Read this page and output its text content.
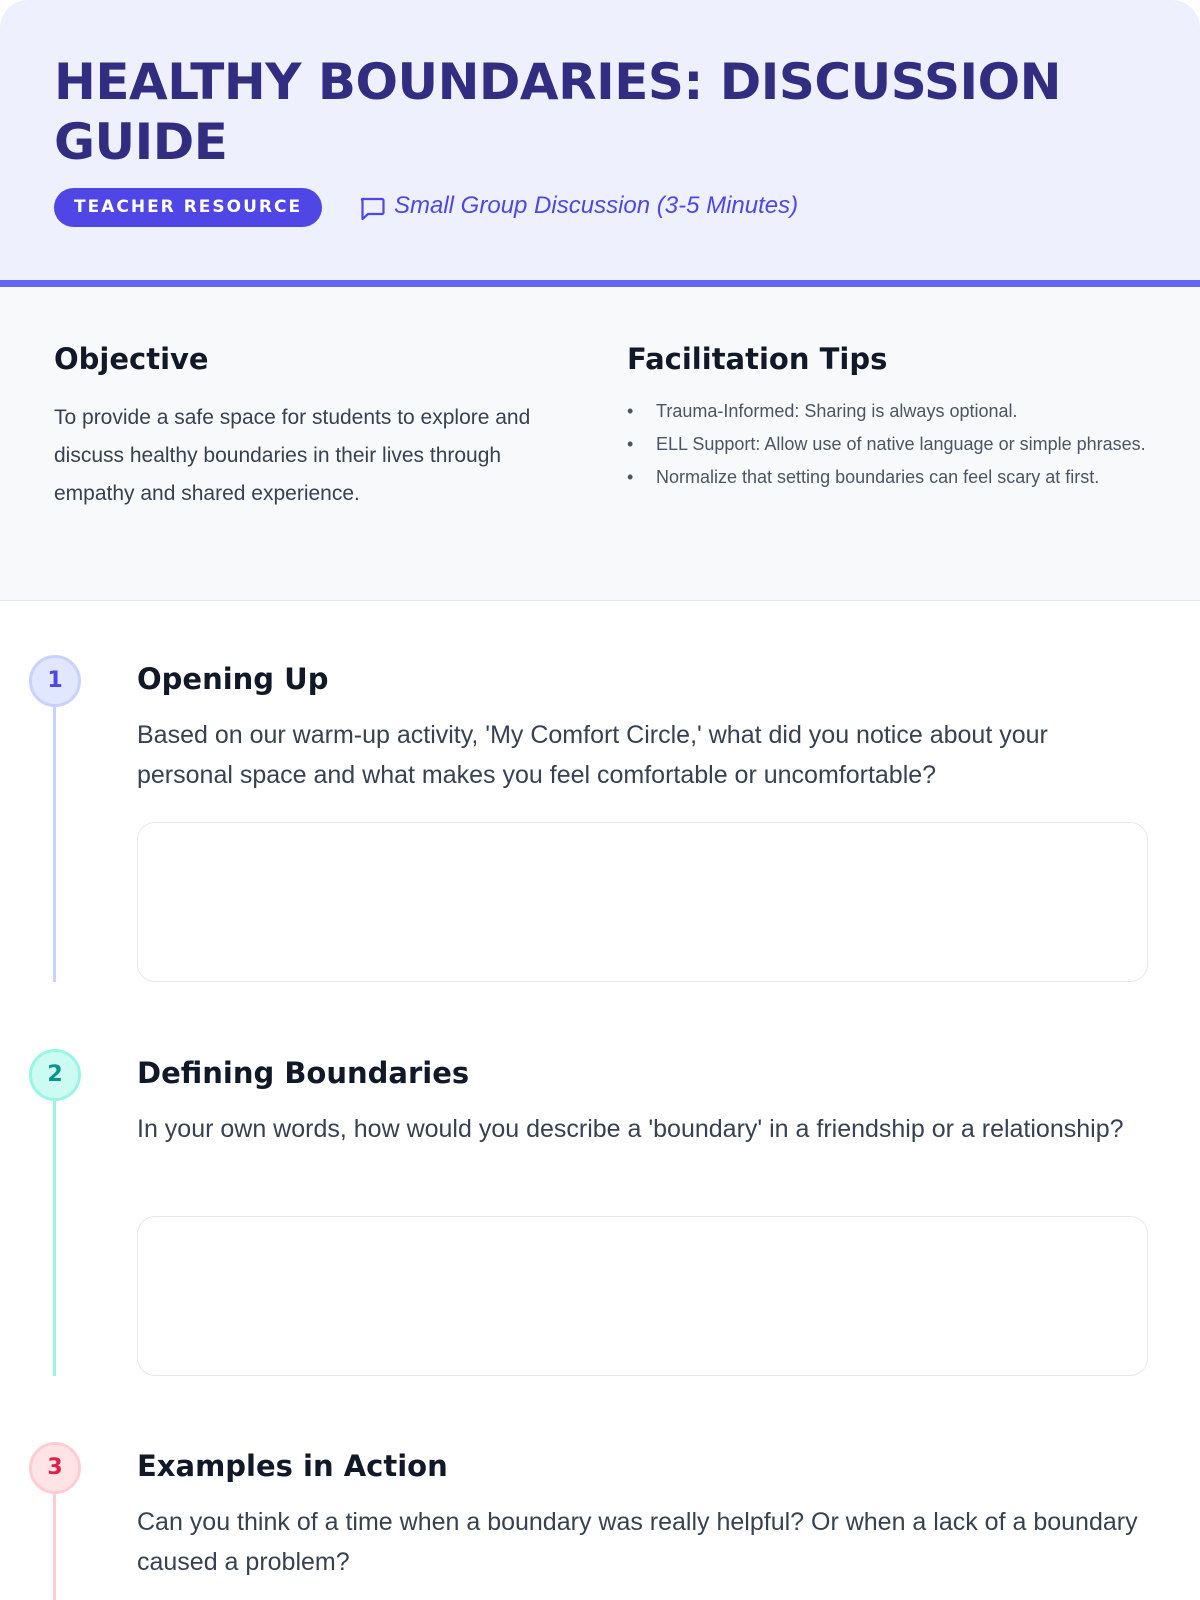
HEALTHY BOUNDARIES: DISCUSSION GUIDE
TEACHER RESOURCE	Small Group Discussion (3-5 Minutes)
Objective

To provide a safe space for students to explore and discuss healthy boundaries in their lives through empathy and shared experience.

Facilitation Tips
• Trauma-Informed: Sharing is always optional.
• ELL Support: Allow use of native language or simple phrases.
• Normalize that setting boundaries can feel scary at first.
1	Opening Up

Based on our warm-up activity, 'My Comfort Circle,' what did you notice about your personal space and what makes you feel comfortable or uncomfortable?

2	Defining Boundaries

In your own words, how would you describe a 'boundary' in a friendship or a relationship?

3	Examples in Action

Can you think of a time when a boundary was really helpful? Or when a lack of a boundary caused a problem?
